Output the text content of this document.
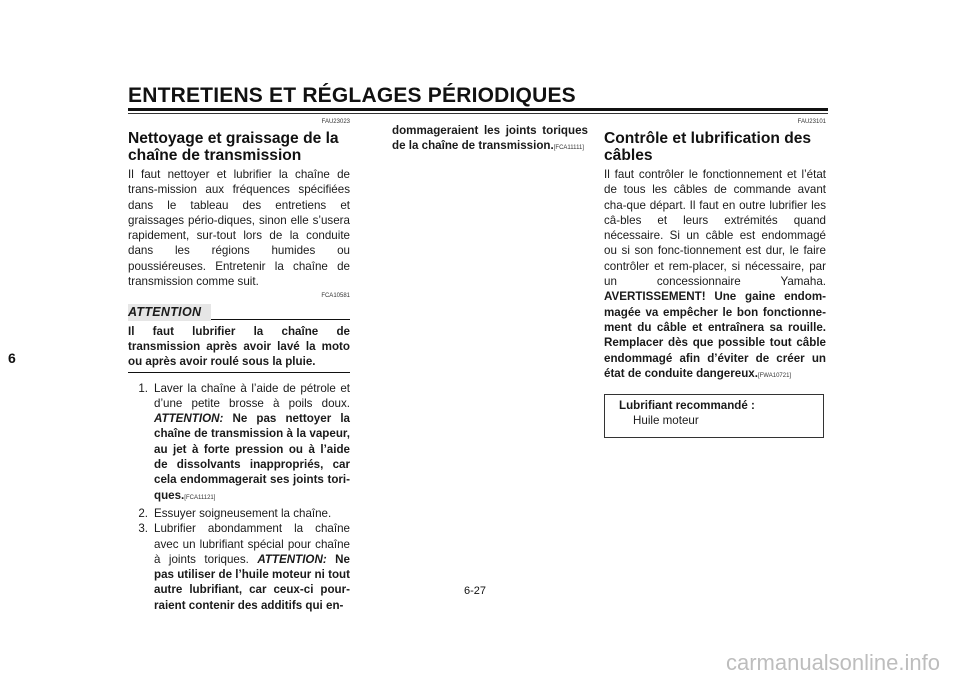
ENTRETIENS ET RÉGLAGES PÉRIODIQUES
6
FAU23023
Nettoyage et graissage de la chaîne de transmission

Il faut nettoyer et lubrifier la chaîne de trans-mission aux fréquences spécifiées dans le tableau des entretiens et graissages pério-diques, sinon elle s’usera rapidement, sur-tout lors de la conduite dans les régions humides ou poussiéreuses. Entretenir la chaîne de transmission comme suit.

FCA10581
ATTENTION

Il faut lubrifier la chaîne de transmission après avoir lavé la moto ou après avoir roulé sous la pluie.

1. Laver la chaîne à l’aide de pétrole et d’une petite brosse à poils doux. ATTENTION: Ne pas nettoyer la chaîne de transmission à la vapeur, au jet à forte pression ou à l’aide de dissolvants inappropriés, car cela endommagerait ses joints tori-ques.[FCA11121]

2. Essuyer soigneusement la chaîne.

3. Lubrifier abondamment la chaîne avec un lubrifiant spécial pour chaîne à joints toriques. ATTENTION: Ne pas utiliser de l’huile moteur ni tout autre lubrifiant, car ceux-ci pour-raient contenir des additifs qui en-

dommageraient les joints toriques de la chaîne de transmission.[FCA11111]

FAU23101
Contrôle et lubrification des câbles

Il faut contrôler le fonctionnement et l’état de tous les câbles de commande avant cha-que départ. Il faut en outre lubrifier les câ-bles et leurs extrémités quand nécessaire. Si un câble est endommagé ou si son fonc-tionnement est dur, le faire contrôler et rem-placer, si nécessaire, par un concessionnaire Yamaha. AVERTISSEMENT! Une gaine endom-magée va empêcher le bon fonctionne-ment du câble et entraînera sa rouille. Remplacer dès que possible tout câble endommagé afin d’éviter de créer un état de conduite dangereux.[FWA10721]

Lubrifiant recommandé :
Huile moteur
6-27
carmanualsonline.info
